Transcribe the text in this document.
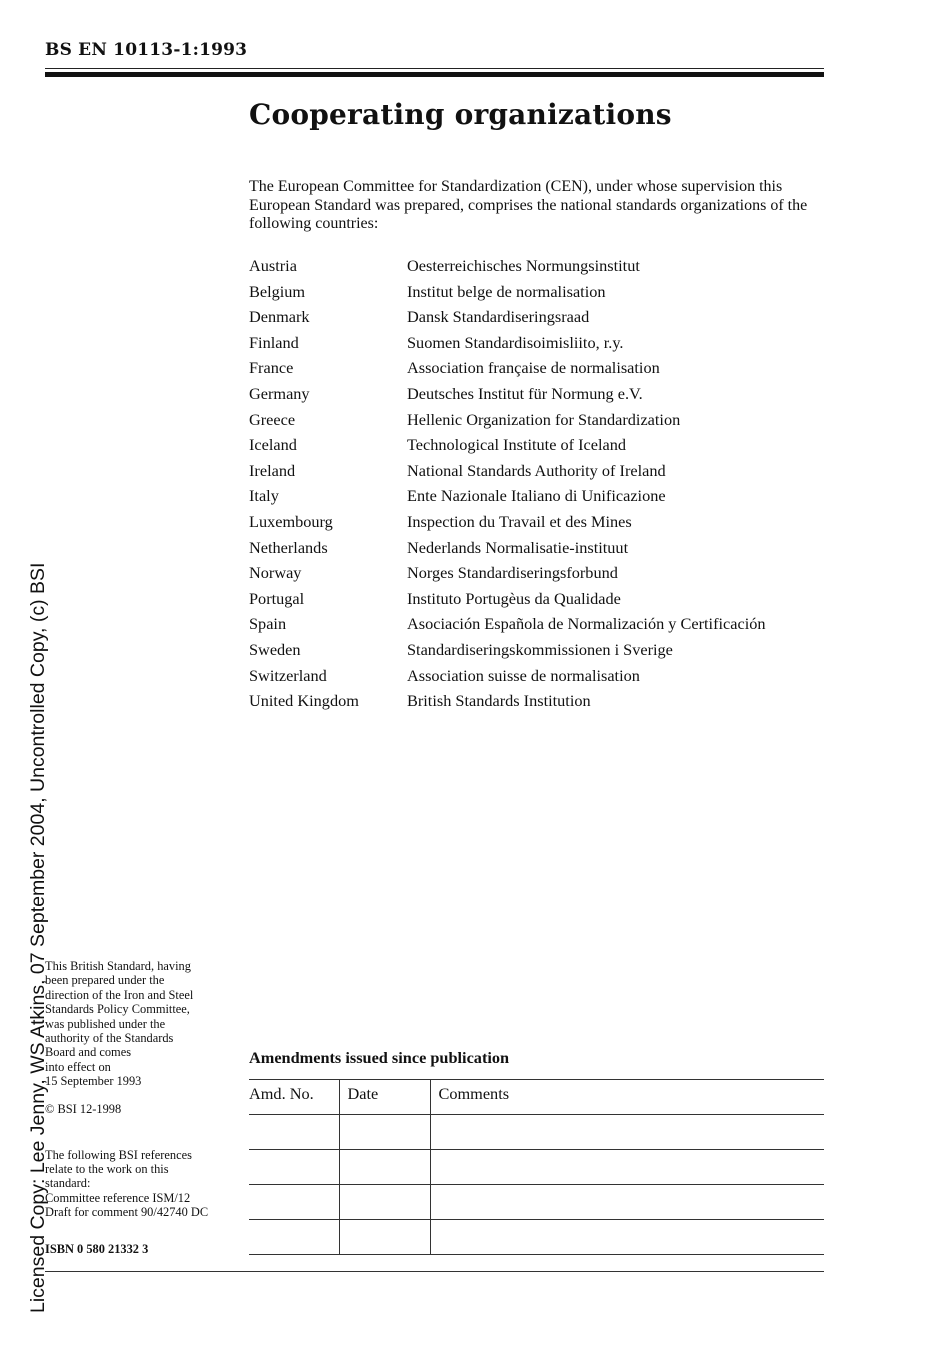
BS EN 10113-1:1993
Cooperating organizations

The European Committee for Standardization (CEN), under whose supervision this European Standard was prepared, comprises the national standards organizations of the following countries:

Austria	Oesterreichisches Normungsinstitut
Belgium	Institut belge de normalisation
Denmark	Dansk Standardiseringsraad
Finland	Suomen Standardisoimisliito, r.y.
France	Association française de normalisation
Germany	Deutsches Institut für Normung e.V.
Greece	Hellenic Organization for Standardization
Iceland	Technological Institute of Iceland
Ireland	National Standards Authority of Ireland
Italy	Ente Nazionale Italiano di Unificazione
Luxembourg	Inspection du Travail et des Mines
Netherlands	Nederlands Normalisatie-instituut
Norway	Norges Standardiseringsforbund
Portugal	Instituto Portugèus da Qualidade
Spain	Asociación Española de Normalización y Certificación
Sweden	Standardiseringskommissionen i Sverige
Switzerland	Association suisse de normalisation
United Kingdom	British Standards Institution

This British Standard, having

been prepared under the

direction of the Iron and Steel

Standards Policy Committee,

was published under the

authority of the Standards

Board and comes

into effect on

15 September 1993

© BSI 12-1998
The following BSI references
relate to the work on this
standard:
Committee reference ISM/12
Draft for comment 90/42740 DC
ISBN 0 580 21332 3
Amendments issued since publication
Amd. No.	Date	Comments

Licensed Copy: Lee Jenny, WS Atkins, 07 September 2004, Uncontrolled Copy, (c) BSI
